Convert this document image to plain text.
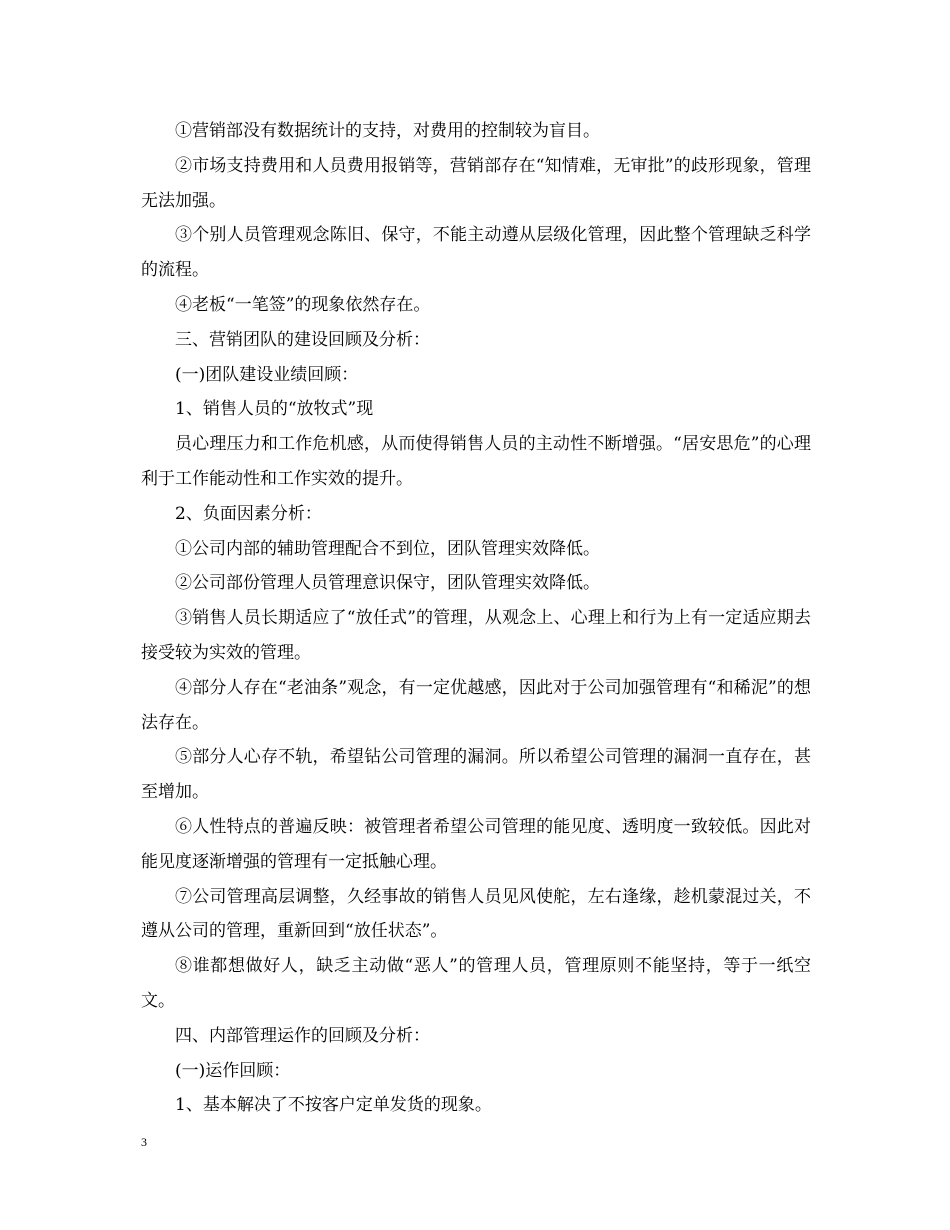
①营销部没有数据统计的支持，对费用的控制较为盲目。

②市场支持费用和人员费用报销等，营销部存在“知情难，无审批”的歧形现象，管理无法加强。

③个别人员管理观念陈旧、保守，不能主动遵从层级化管理，因此整个管理缺乏科学的流程。

④老板“一笔签”的现象依然存在。

三、营销团队的建设回顾及分析：

(一)团队建设业绩回顾：

1、销售人员的“放牧式”现

员心理压力和工作危机感，从而使得销售人员的主动性不断增强。“居安思危”的心理利于工作能动性和工作实效的提升。

2、负面因素分析：

①公司内部的辅助管理配合不到位，团队管理实效降低。

②公司部份管理人员管理意识保守，团队管理实效降低。

③销售人员长期适应了“放任式”的管理，从观念上、心理上和行为上有一定适应期去接受较为实效的管理。

④部分人存在“老油条”观念，有一定优越感，因此对于公司加强管理有“和稀泥”的想法存在。

⑤部分人心存不轨，希望钻公司管理的漏洞。所以希望公司管理的漏洞一直存在，甚至增加。

⑥人性特点的普遍反映：被管理者希望公司管理的能见度、透明度一致较低。因此对能见度逐渐增强的管理有一定抵触心理。

⑦公司管理高层调整，久经事故的销售人员见风使舵，左右逢缘，趁机蒙混过关，不遵从公司的管理，重新回到“放任状态”。

⑧谁都想做好人，缺乏主动做“恶人”的管理人员，管理原则不能坚持，等于一纸空文。

四、内部管理运作的回顾及分析：

(一)运作回顾：

1、基本解决了不按客户定单发货的现象。

3
